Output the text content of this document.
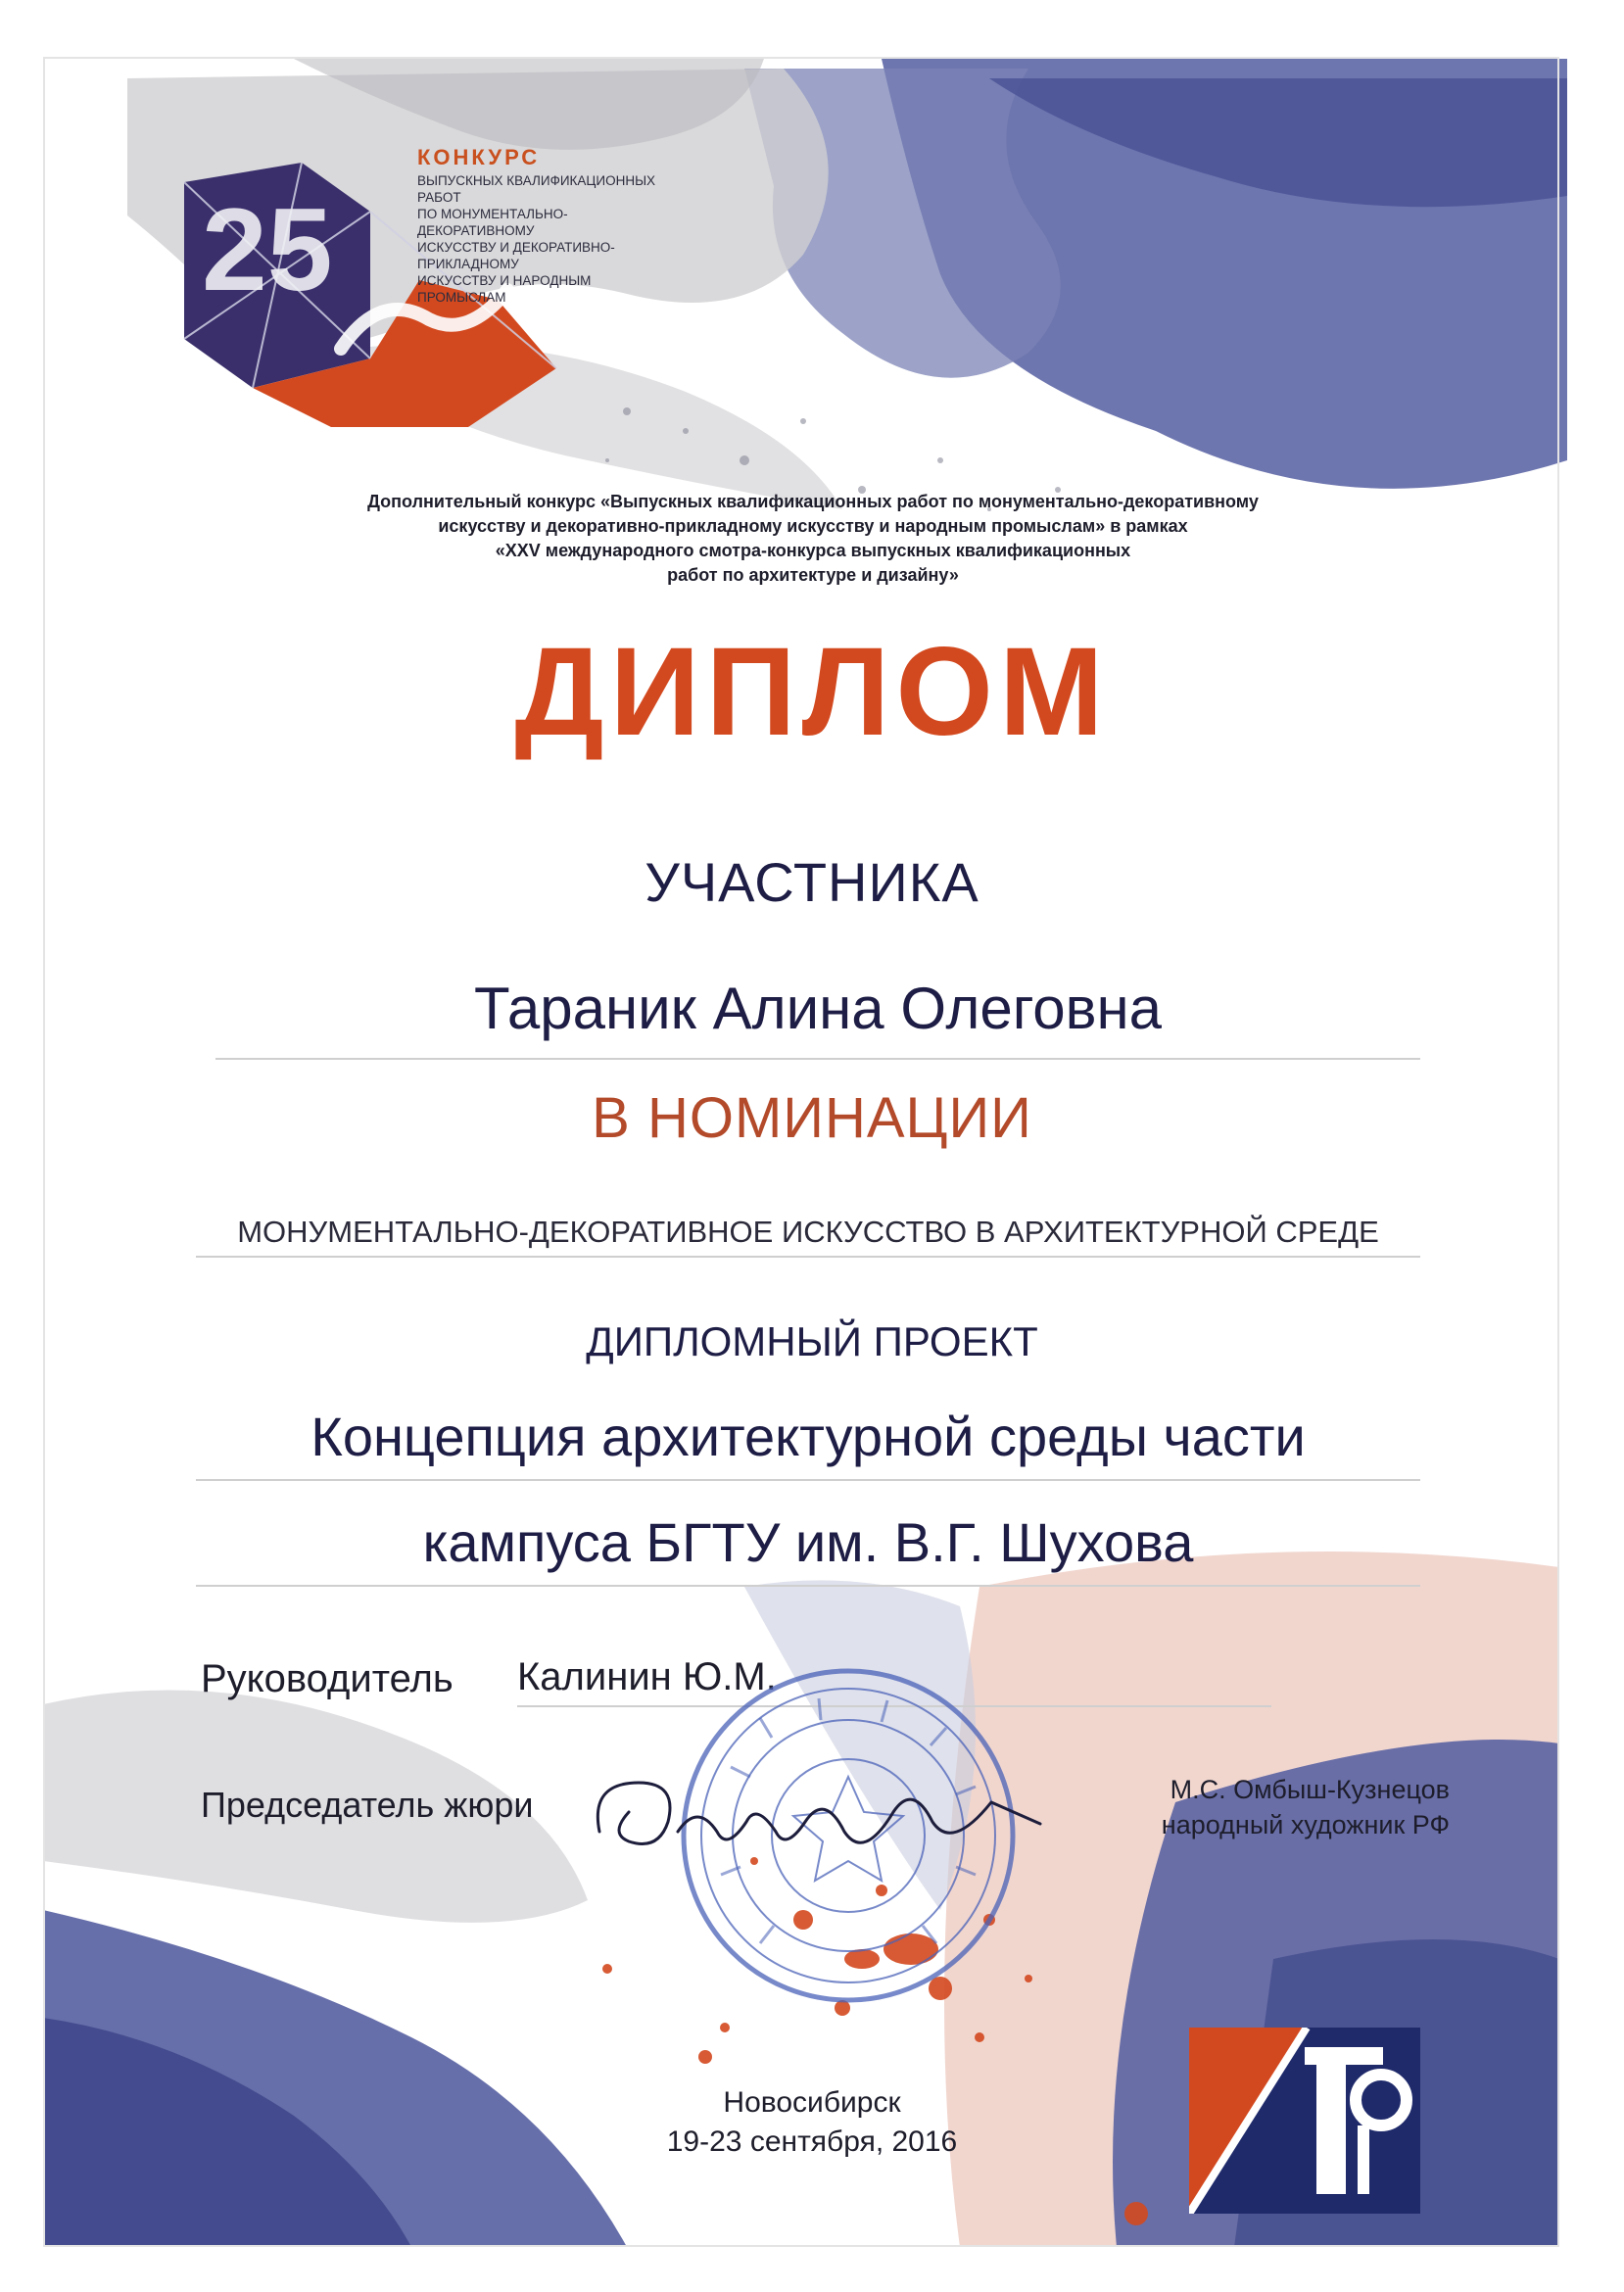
25
КОНКУРС
ВЫПУСКНЫХ КВАЛИФИКАЦИОННЫХ РАБОТ
ПО МОНУМЕНТАЛЬНО-ДЕКОРАТИВНОМУ
ИСКУССТВУ И ДЕКОРАТИВНО-ПРИКЛАДНОМУ
ИСКУССТВУ И НАРОДНЫМ ПРОМЫСЛАМ
Дополнительный конкурс «Выпускных квалификационных работ по монументально-декоративному
искусству и декоративно-прикладному искусству и народным промыслам» в рамках
«XXV международного смотра-конкурса выпускных квалификационных
работ по архитектуре и дизайну»
ДИПЛОМ
УЧАСТНИКА
Тараник Алина Олеговна
В НОМИНАЦИИ
МОНУМЕНТАЛЬНО-ДЕКОРАТИВНОЕ ИСКУССТВО В АРХИТЕКТУРНОЙ СРЕДЕ
ДИПЛОМНЫЙ ПРОЕКТ
Концепция архитектурной среды части
кампуса БГТУ им. В.Г. Шухова
Руководитель Калинин Ю.М.
Председатель жюри	М.С. Омбыш-Кузнецов
народный художник РФ
Новосибирск
19-23 сентября, 2016
